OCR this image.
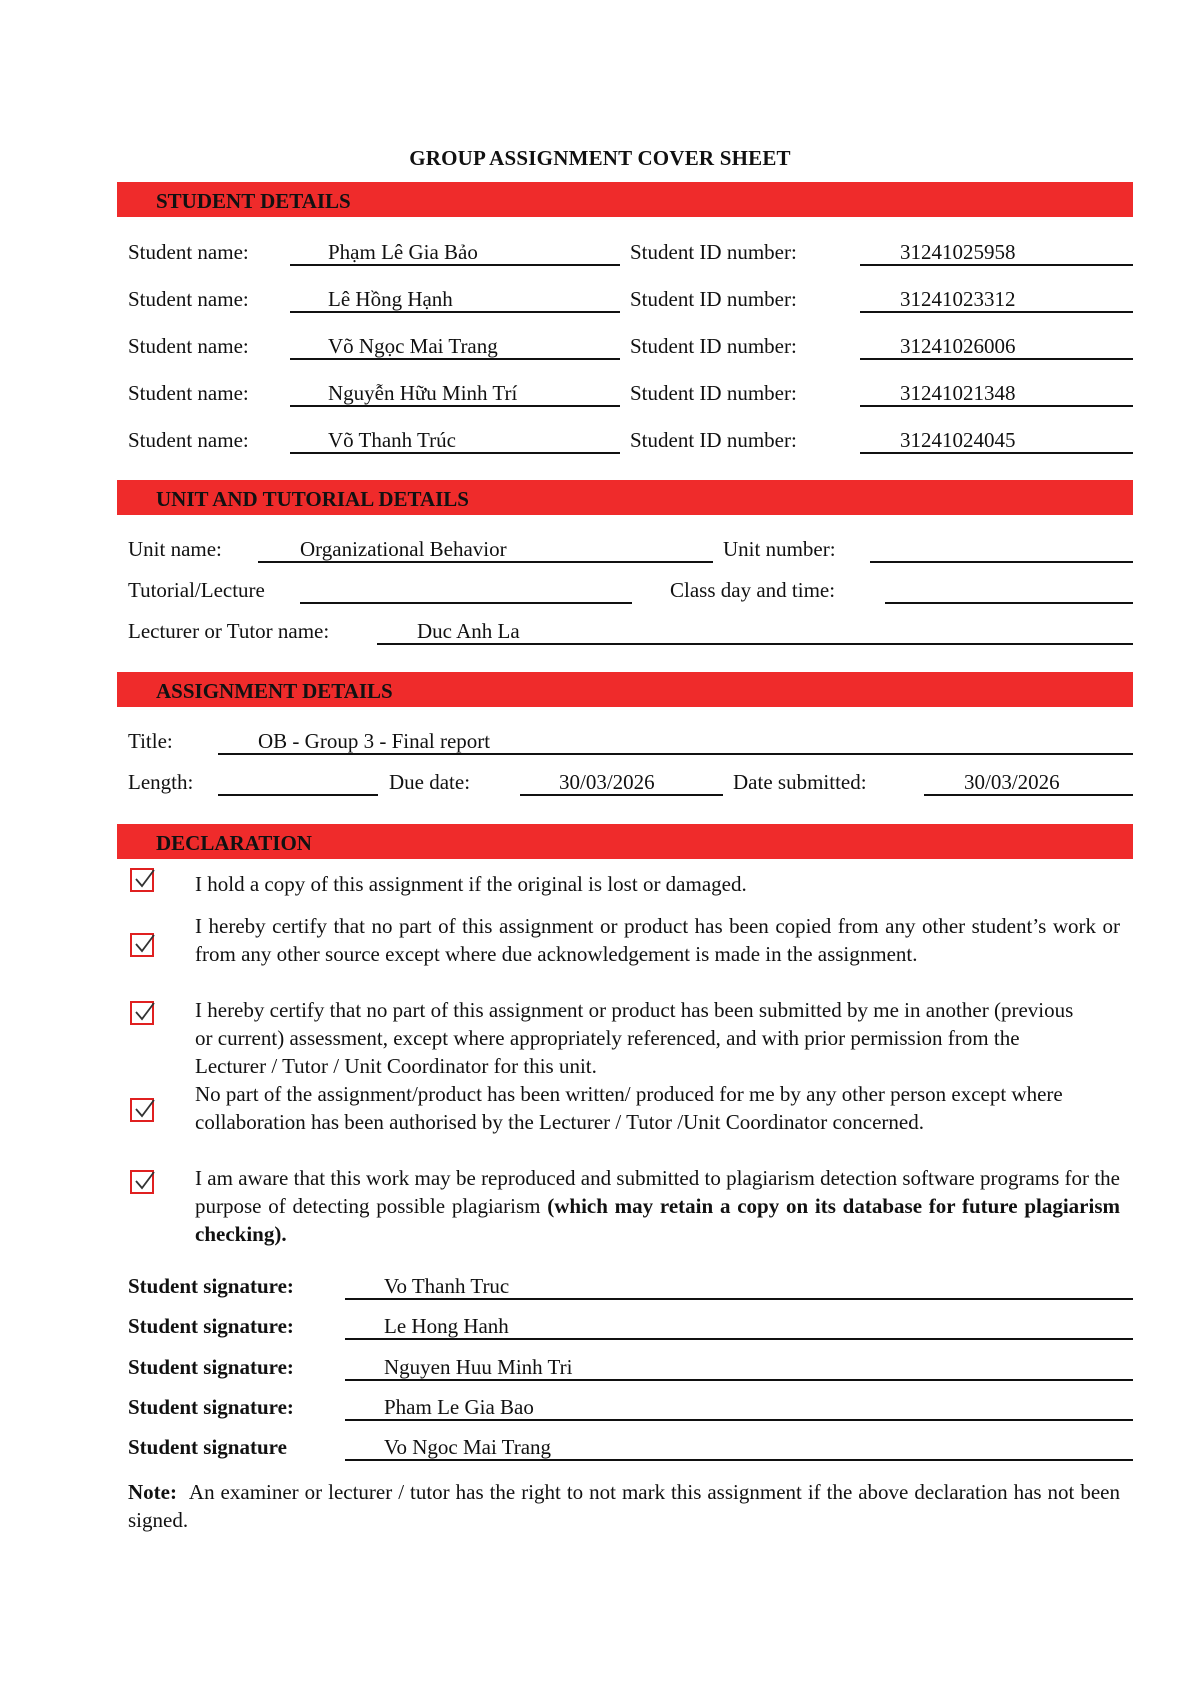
GROUP ASSIGNMENT COVER SHEET
STUDENT DETAILS
Student name:	Phạm Lê Gia Bảo	Student ID number:	31241025958
Student name:	Lê Hồng Hạnh	Student ID number:	31241023312
Student name:	Võ Ngọc Mai Trang	Student ID number:	31241026006
Student name:	Nguyễn Hữu Minh Trí	Student ID number:	31241021348
Student name:	Võ Thanh Trúc	Student ID number:	31241024045
UNIT AND TUTORIAL DETAILS
Unit name:	Organizational Behavior	Unit number:
Tutorial/Lecture	Class day and time:
Lecturer or Tutor name:	Duc Anh La
ASSIGNMENT DETAILS
Title:	OB - Group 3 - Final report
Length:	Due date:	30/03/2026	Date submitted:	30/03/2026
DECLARATION
I hold a copy of this assignment if the original is lost or damaged.
I hereby certify that no part of this assignment or product has been copied from any other student’s work or from any other source except where due acknowledgement is made in the assignment.
I hereby certify that no part of this assignment or product has been submitted by me in another (previous or current) assessment, except where appropriately referenced, and with prior permission from the Lecturer / Tutor / Unit Coordinator for this unit.
No part of the assignment/product has been written/ produced for me by any other person except where collaboration has been authorised by the Lecturer / Tutor /Unit Coordinator concerned.
I am aware that this work may be reproduced and submitted to plagiarism detection software programs for the purpose of detecting possible plagiarism (which may retain a copy on its database for future plagiarism checking).
Student signature:	Vo Thanh Truc
Student signature:	Le Hong Hanh
Student signature:	Nguyen Huu Minh Tri
Student signature:	Pham Le Gia Bao
Student signature	Vo Ngoc Mai Trang
Note: An examiner or lecturer / tutor has the right to not mark this assignment if the above declaration has not been signed.
